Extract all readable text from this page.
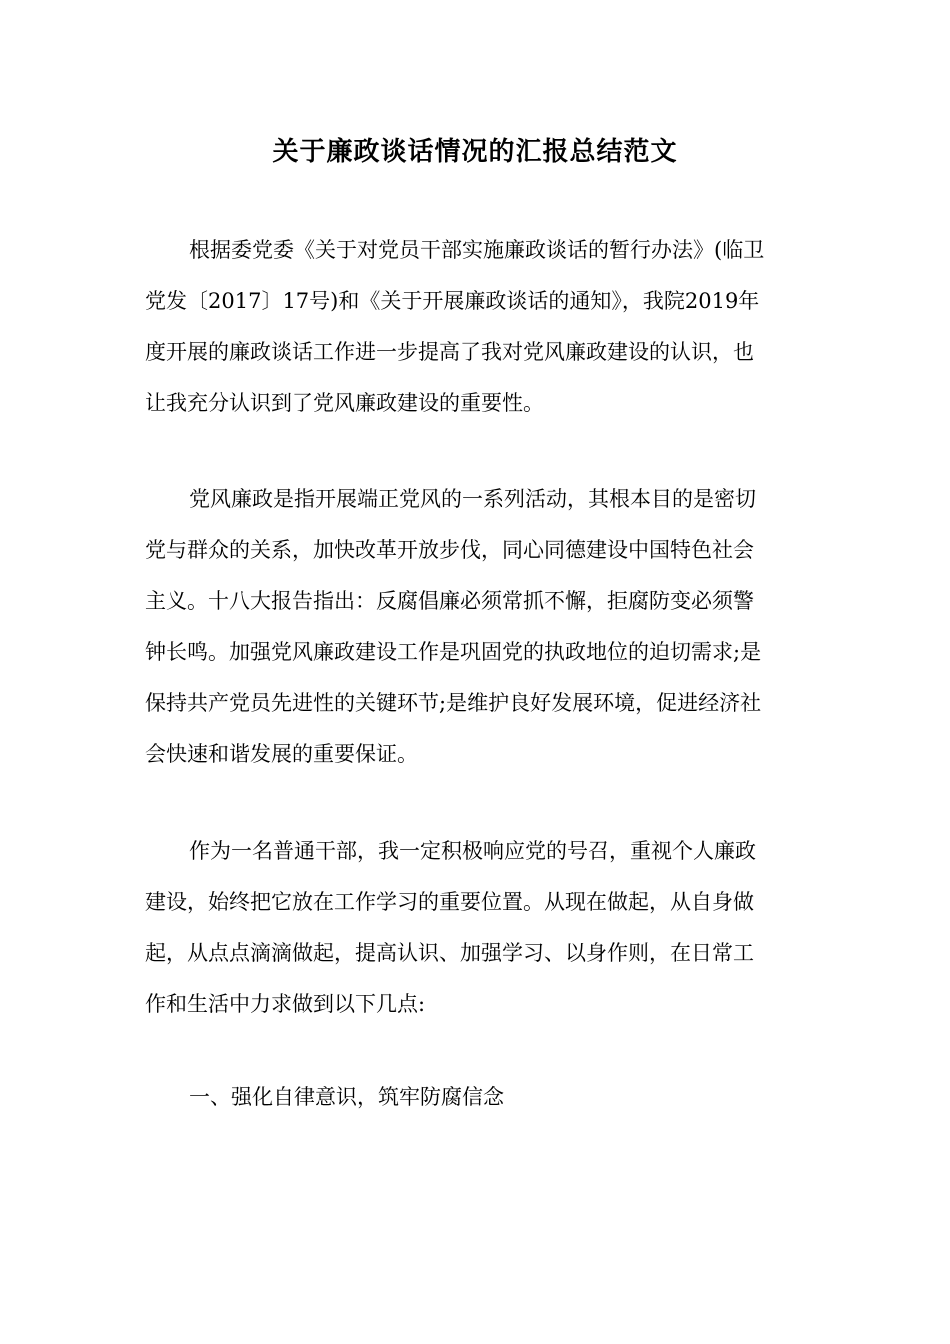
关于廉政谈话情况的汇报总结范文
根据委党委《关于对党员干部实施廉政谈话的暂行办法》(临卫
党发〔2017〕17号)和《关于开展廉政谈话的通知》，我院2019年
度开展的廉政谈话工作进一步提高了我对党风廉政建设的认识，也
让我充分认识到了党风廉政建设的重要性。
党风廉政是指开展端正党风的一系列活动，其根本目的是密切
党与群众的关系，加快改革开放步伐，同心同德建设中国特色社会
主义。十八大报告指出：反腐倡廉必须常抓不懈，拒腐防变必须警
钟长鸣。加强党风廉政建设工作是巩固党的执政地位的迫切需求;是
保持共产党员先进性的关键环节;是维护良好发展环境，促进经济社
会快速和谐发展的重要保证。
作为一名普通干部，我一定积极响应党的号召，重视个人廉政
建设，始终把它放在工作学习的重要位置。从现在做起，从自身做
起，从点点滴滴做起，提高认识、加强学习、以身作则，在日常工
作和生活中力求做到以下几点:
一、强化自律意识，筑牢防腐信念
